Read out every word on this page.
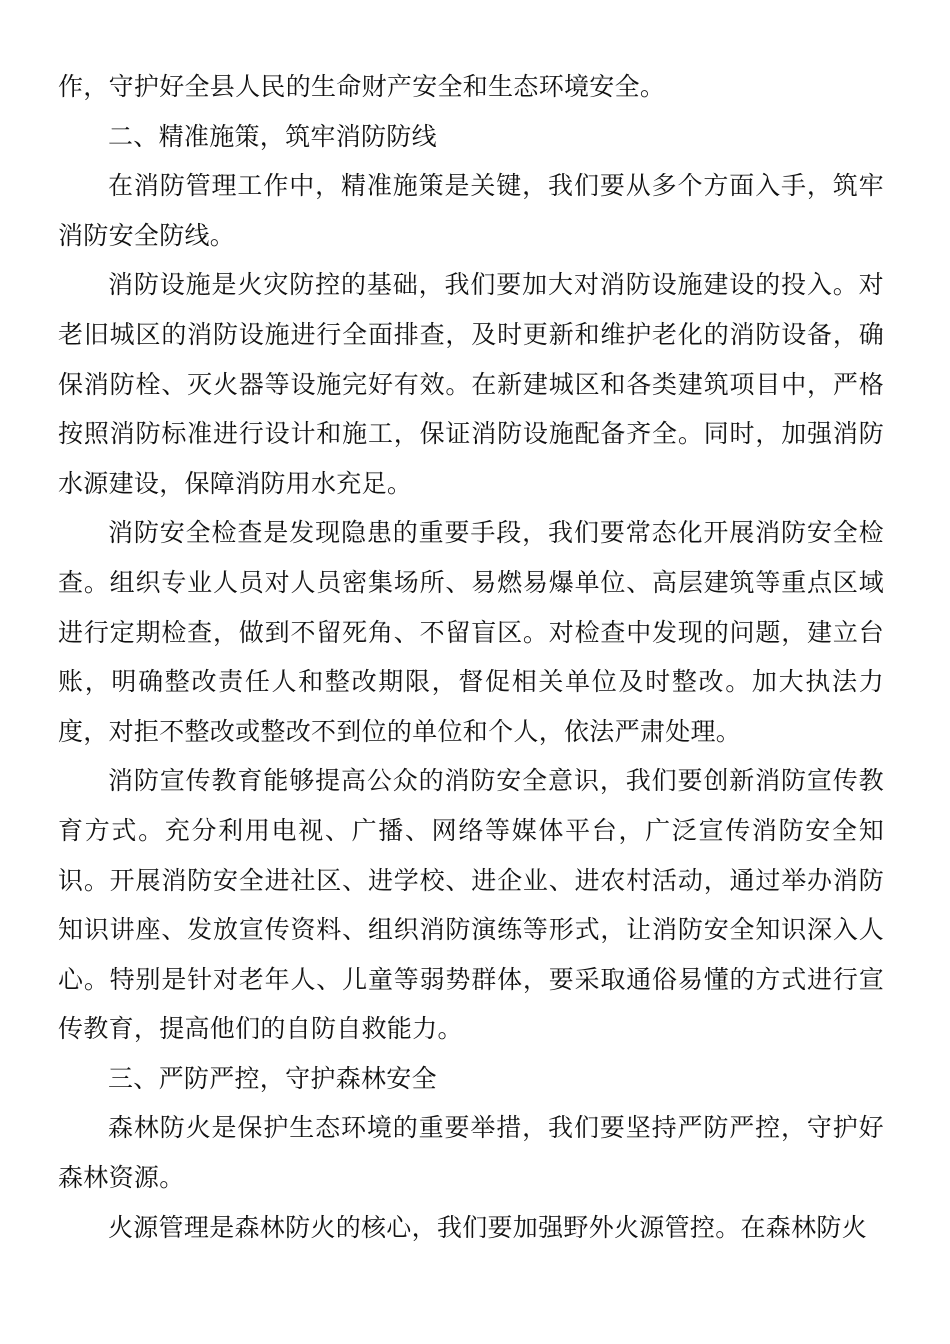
作，守护好全县人民的生命财产安全和生态环境安全。

二、精准施策，筑牢消防防线

在消防管理工作中，精准施策是关键，我们要从多个方面入手，筑牢消防安全防线。

消防设施是火灾防控的基础，我们要加大对消防设施建设的投入。对老旧城区的消防设施进行全面排查，及时更新和维护老化的消防设备，确保消防栓、灭火器等设施完好有效。在新建城区和各类建筑项目中，严格按照消防标准进行设计和施工，保证消防设施配备齐全。同时，加强消防水源建设，保障消防用水充足。

消防安全检查是发现隐患的重要手段，我们要常态化开展消防安全检查。组织专业人员对人员密集场所、易燃易爆单位、高层建筑等重点区域进行定期检查，做到不留死角、不留盲区。对检查中发现的问题，建立台账，明确整改责任人和整改期限，督促相关单位及时整改。加大执法力度，对拒不整改或整改不到位的单位和个人，依法严肃处理。

消防宣传教育能够提高公众的消防安全意识，我们要创新消防宣传教育方式。充分利用电视、广播、网络等媒体平台，广泛宣传消防安全知识。开展消防安全进社区、进学校、进企业、进农村活动，通过举办消防知识讲座、发放宣传资料、组织消防演练等形式，让消防安全知识深入人心。特别是针对老年人、儿童等弱势群体，要采取通俗易懂的方式进行宣传教育，提高他们的自防自救能力。

三、严防严控，守护森林安全

森林防火是保护生态环境的重要举措，我们要坚持严防严控，守护好森林资源。

火源管理是森林防火的核心，我们要加强野外火源管控。在森林防火
